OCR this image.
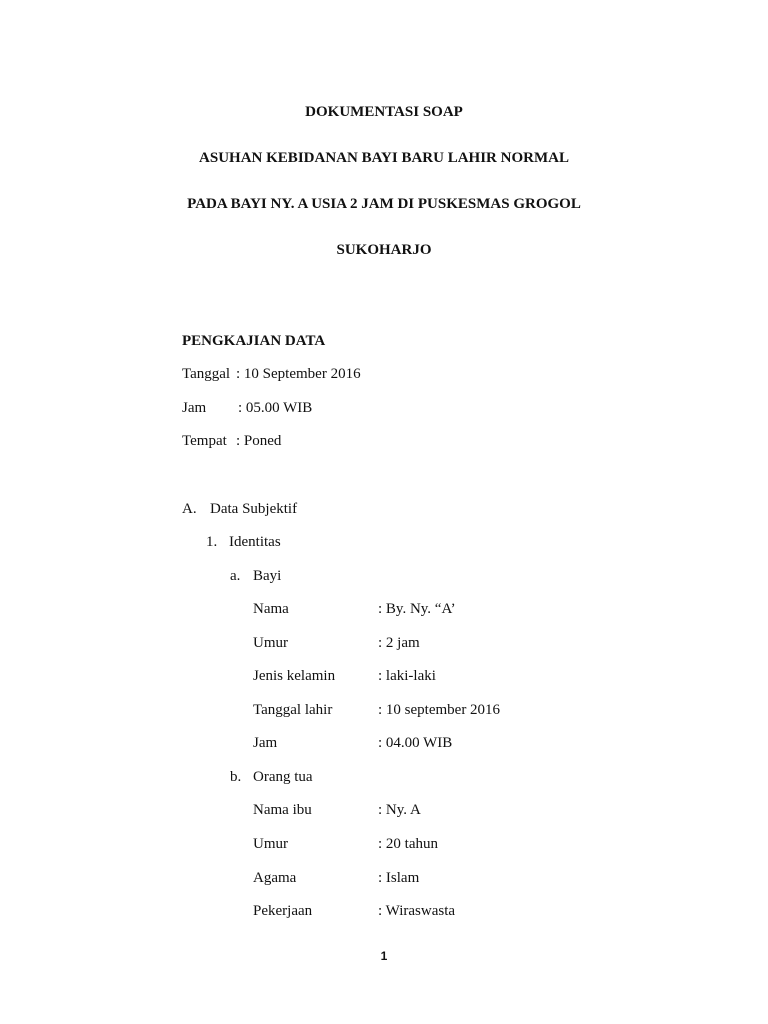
DOKUMENTASI SOAP
ASUHAN KEBIDANAN BAYI BARU LAHIR NORMAL
PADA BAYI NY. A USIA 2 JAM DI PUSKESMAS GROGOL
SUKOHARJO
PENGKAJIAN DATA
Tanggal : 10 September 2016
Jam : 05.00 WIB
Tempat : Poned
A. Data Subjektif
1. Identitas
a. Bayi
Nama	: By. Ny. “A’
Umur	: 2 jam
Jenis kelamin	: laki-laki
Tanggal lahir	: 10 september 2016
Jam	: 04.00 WIB
b. Orang tua
Nama ibu	: Ny. A
Umur	: 20 tahun
Agama	: Islam
Pekerjaan	: Wiraswasta
1
